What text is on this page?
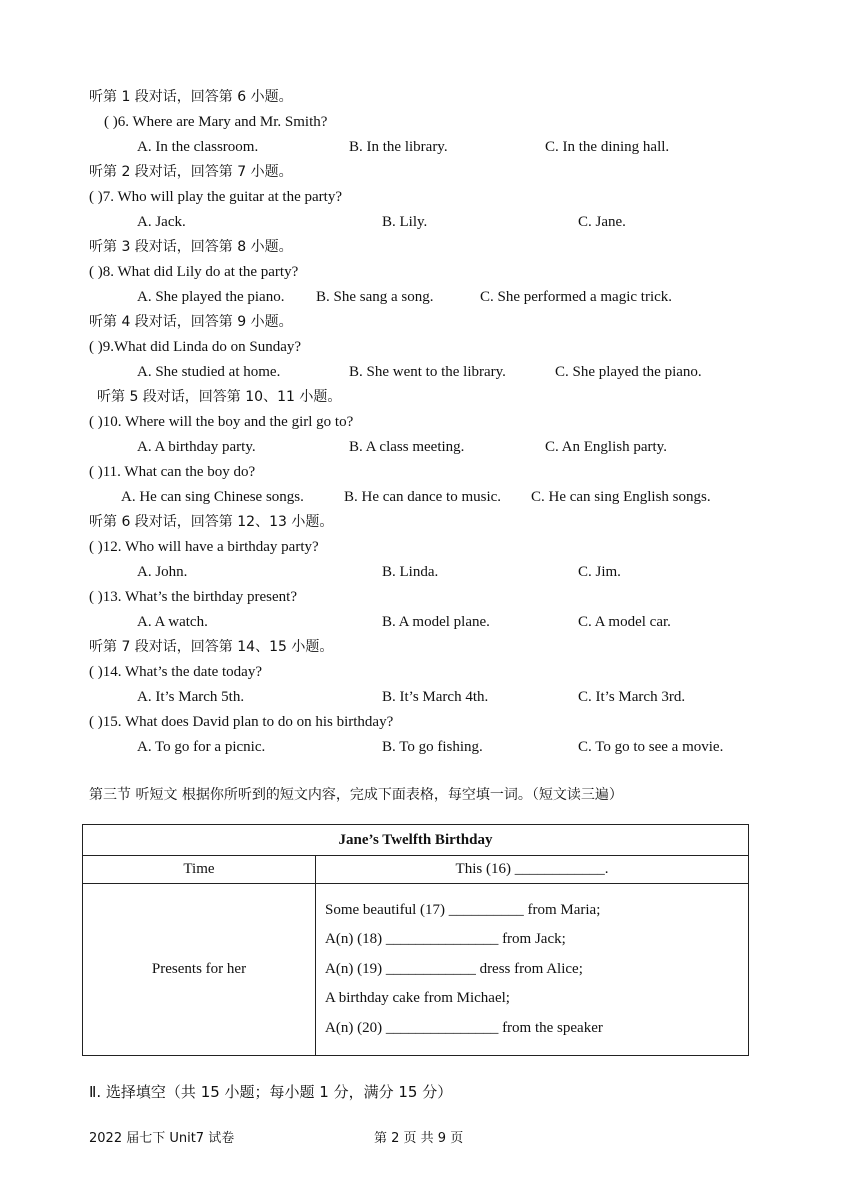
听第 1 段对话，回答第 6 小题。
( )6. Where are Mary and Mr. Smith?
A. In the classroom.	B. In the library.	C. In the dining hall.
听第 2 段对话，回答第 7 小题。
( )7. Who will play the guitar at the party?
A. Jack.	B. Lily.	C. Jane.
听第 3 段对话，回答第 8 小题。
( )8. What did Lily do at the party?
A. She played the piano. B. She sang a song.	C. She performed a magic trick.
听第 4 段对话，回答第 9 小题。
( )9.What did Linda do on Sunday?
A. She studied at home.	B. She went to the library.	C. She played the piano.
听第 5 段对话，回答第 10、11 小题。
( )10. Where will the boy and the girl go to?
A. A birthday party.	B. A class meeting.	C. An English party.
( )11. What can the boy do?
A. He can sing Chinese songs.	B. He can dance to music. C. He can sing English songs.
听第 6 段对话，回答第 12、13 小题。
( )12. Who will have a birthday party?
A. John.	B. Linda.	C. Jim.
( )13. What’s the birthday present?
A. A watch.	B. A model plane.	C. A model car.
听第 7 段对话，回答第 14、15 小题。
( )14. What’s the date today?
A. It’s March 5th.	B. It’s March 4th.	C. It’s March 3rd.
( )15. What does David plan to do on his birthday?
A. To go for a picnic.	B. To go fishing.	C. To go to see a movie.
第三节 听短文 根据你所听到的短文内容，完成下面表格，每空填一词。（短文读三遍）
Jane’s Twelfth Birthday	
Time	This (16) ____________.
Presents for her	Some beautiful (17) __________ from Maria;
A(n) (18) _______________ from Jack;
A(n) (19) ____________ dress from Alice;
A birthday cake from Michael;
A(n) (20) _______________ from the speaker
Ⅱ. 选择填空（共 15 小题；每小题 1 分，满分 15 分）
2022 届七下 Unit7 试卷	第 2 页 共 9 页
